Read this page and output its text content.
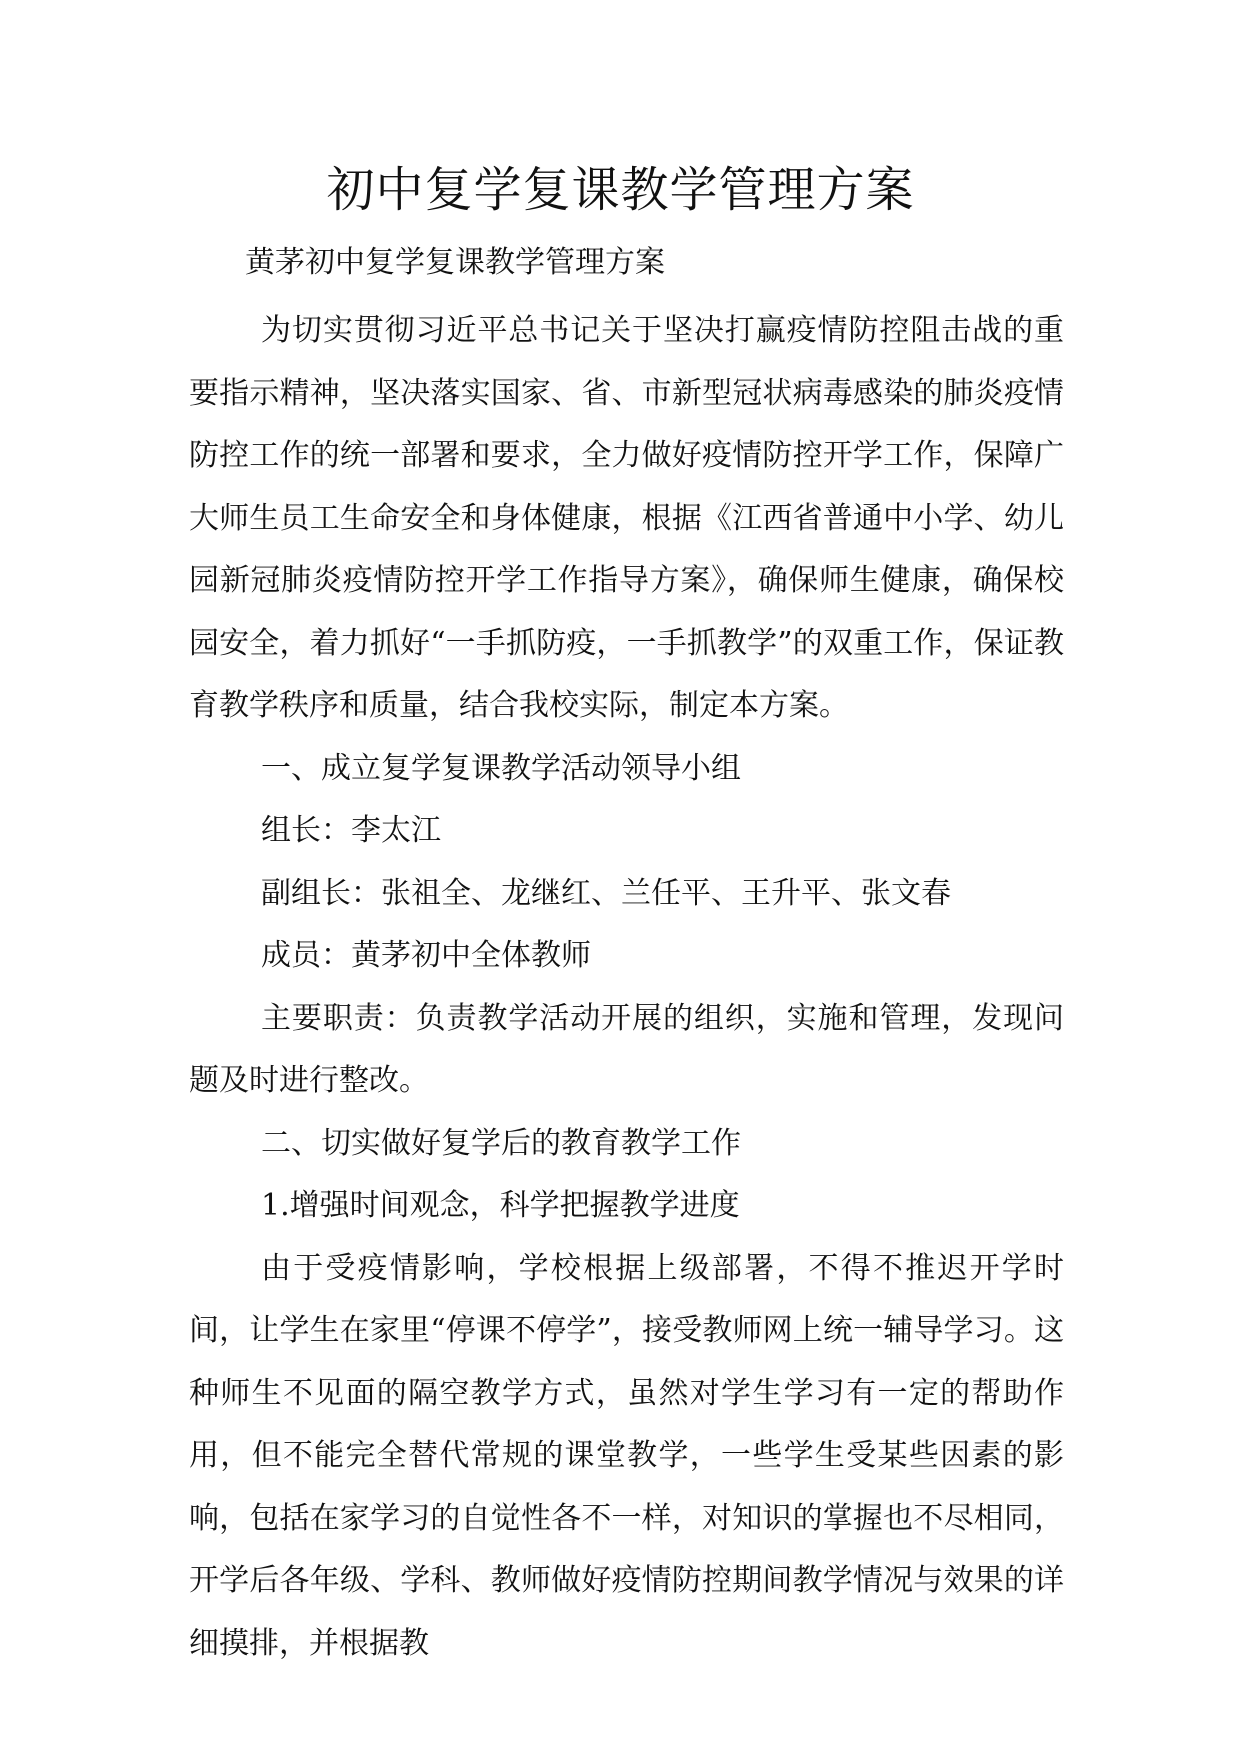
初中复学复课教学管理方案

黄茅初中复学复课教学管理方案

为切实贯彻习近平总书记关于坚决打赢疫情防控阻击战的重要指示精神，坚决落实国家、省、市新型冠状病毒感染的肺炎疫情防控工作的统一部署和要求，全力做好疫情防控开学工作，保障广大师生员工生命安全和身体健康，根据《江西省普通中小学、幼儿园新冠肺炎疫情防控开学工作指导方案》，确保师生健康，确保校园安全，着力抓好“一手抓防疫，一手抓教学”的双重工作，保证教育教学秩序和质量，结合我校实际，制定本方案。

一、成立复学复课教学活动领导小组

组长：李太江

副组长：张祖全、龙继红、兰任平、王升平、张文春

成员：黄茅初中全体教师

主要职责：负责教学活动开展的组织，实施和管理，发现问题及时进行整改。

二、切实做好复学后的教育教学工作

1.增强时间观念，科学把握教学进度

由于受疫情影响，学校根据上级部署，不得不推迟开学时间，让学生在家里“停课不停学”，接受教师网上统一辅导学习。这种师生不见面的隔空教学方式，虽然对学生学习有一定的帮助作用，但不能完全替代常规的课堂教学，一些学生受某些因素的影响，包括在家学习的自觉性各不一样，对知识的掌握也不尽相同，开学后各年级、学科、教师做好疫情防控期间教学情况与效果的详细摸排，并根据教
